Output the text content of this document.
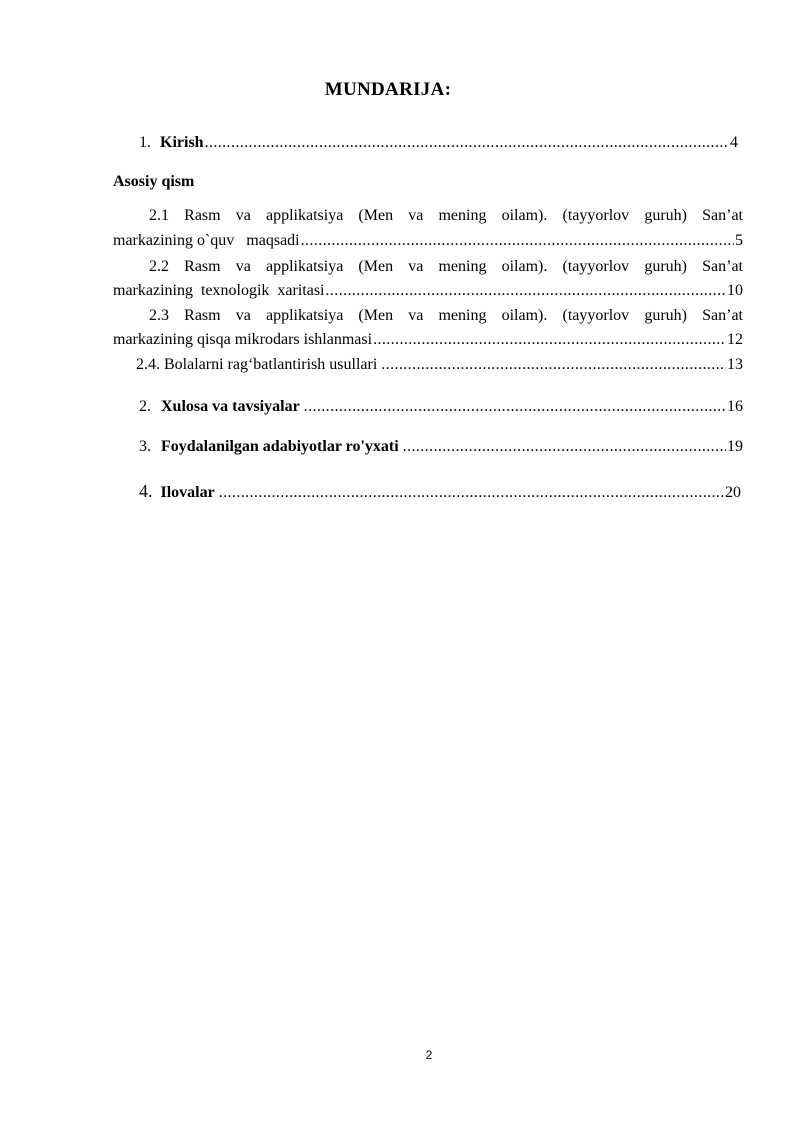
MUNDARIJA:
1. Kirish .....	4
Asosiy qism
2.1 Rasm va applikatsiya (Men va mening oilam). (tayyorlov guruh) San’at
markazining o`quv   maqsadi .....	5
2.2 Rasm va applikatsiya (Men va mening oilam). (tayyorlov guruh) San’at
markazining  texnologik  xaritasi .....	10
2.3 Rasm va applikatsiya (Men va mening oilam). (tayyorlov guruh) San’at
markazining qisqa mikrodars ishlanmasi .....	12
2.4. Bolalarni rag‘batlantirish usullari .....	13
2. Xulosa va tavsiyalar .....	16
3. Foydalanilgan adabiyotlar ro'yxati .....	19
4. Ilovalar .....	20
2
